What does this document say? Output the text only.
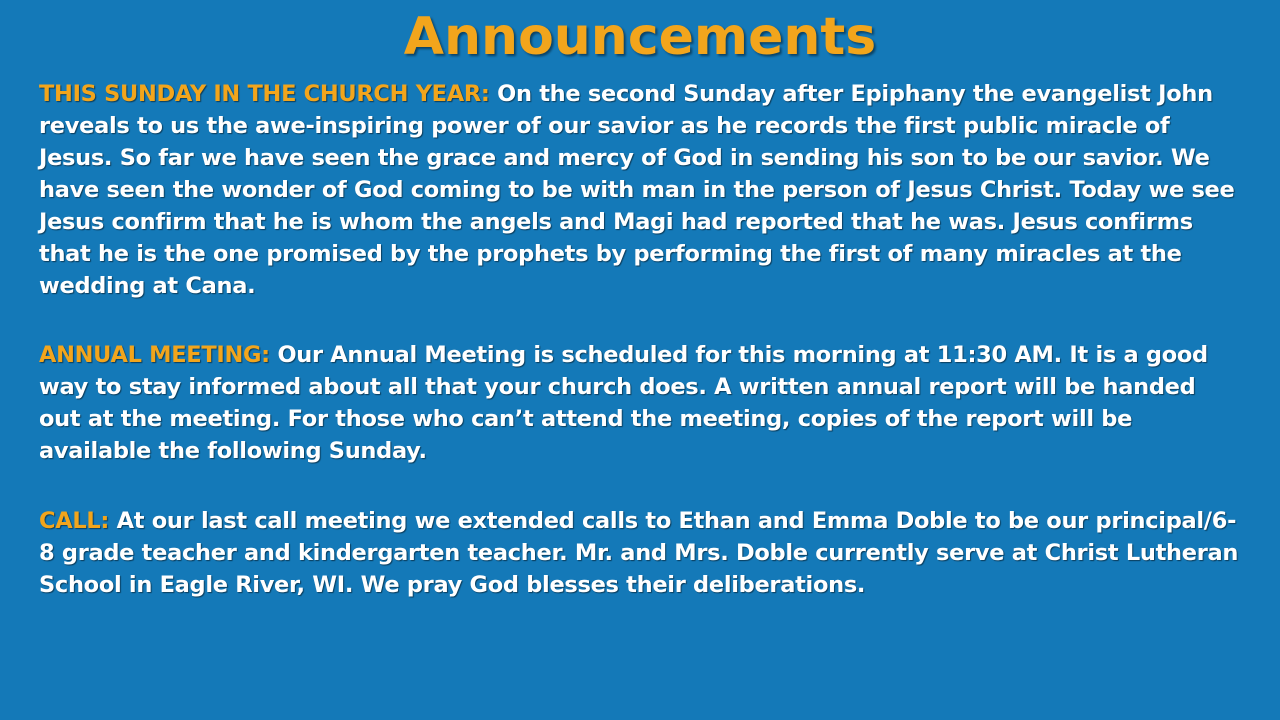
Announcements

THIS SUNDAY IN THE CHURCH YEAR: On the second Sunday after Epiphany the evangelist John reveals to us the awe-inspiring power of our savior as he records the first public miracle of Jesus. So far we have seen the grace and mercy of God in sending his son to be our savior. We have seen the wonder of God coming to be with man in the person of Jesus Christ. Today we see Jesus confirm that he is whom the angels and Magi had reported that he was. Jesus confirms that he is the one promised by the prophets by performing the first of many miracles at the wedding at Cana.

ANNUAL MEETING: Our Annual Meeting is scheduled for this morning at 11:30 AM. It is a good way to stay informed about all that your church does. A written annual report will be handed out at the meeting. For those who can’t attend the meeting, copies of the report will be available the following Sunday.

CALL: At our last call meeting we extended calls to Ethan and Emma Doble to be our principal/6-8 grade teacher and kindergarten teacher. Mr. and Mrs. Doble currently serve at Christ Lutheran School in Eagle River, WI. We pray God blesses their deliberations.
